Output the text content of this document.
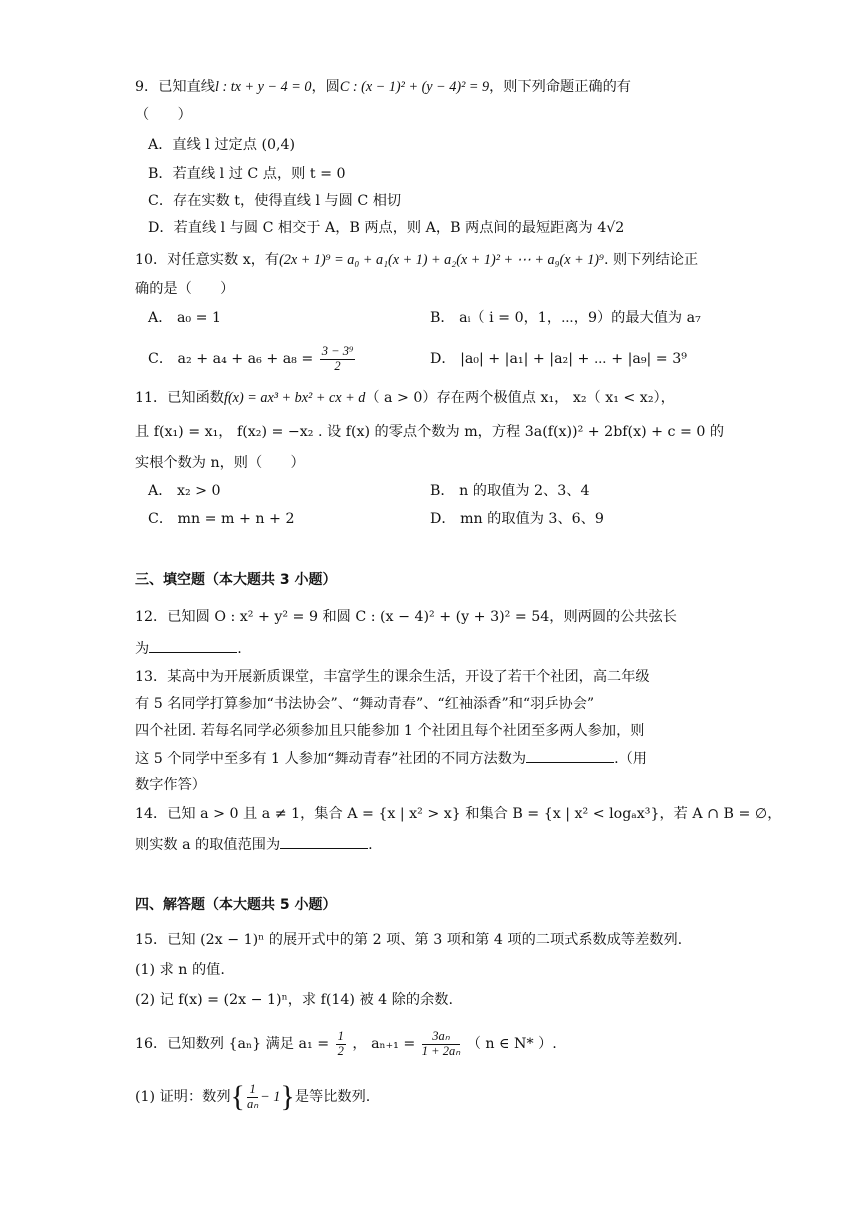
9．已知直线l : tx + y − 4 = 0，圆C : (x − 1)² + (y − 4)² = 9，则下列命题正确的有
（　　）
A．直线 l 过定点 (0,4)
B．若直线 l 过 C 点，则 t = 0
C．存在实数 t，使得直线 l 与圆 C 相切
D．若直线 l 与圆 C 相交于 A，B 两点，则 A，B 两点间的最短距离为 4√2
10．对任意实数 x，有(2x + 1)⁹ = a₀ + a₁(x + 1) + a₂(x + 1)² + ⋯ + a₉(x + 1)⁹. 则下列结论正
确的是（　　）
A． a₀ = 1	B． aᵢ（ i = 0，1，⋯，9）的最大值为 a₇
C． $a_2 + a_4 + a_6 + a_8 = \frac{\text{3 − 3⁹}}{2}$	D． |a₀| + |a₁| + |a₂| + ⋯ + |a₉| = 3⁹
11．已知函数f(x) = ax³ + bx² + cx + d（ a > 0）存在两个极值点 x₁， x₂（ x₁ < x₂），
且 f(x₁) = x₁， f(x₂) = −x₂ . 设 f(x) 的零点个数为 m，方程 3a(f(x))² + 2bf(x) + c = 0 的
实根个数为 n，则（　　）
A． x₂ > 0	B． n 的取值为 2、3、4
C． mn = m + n + 2	D． mn 的取值为 3、6、9
三、填空题（本大题共 3 小题）
12．已知圆 O : x² + y² = 9 和圆 C : (x − 4)² + (y + 3)² = 54，则两圆的公共弦长
为	.
13．某高中为开展新质课堂，丰富学生的课余生活，开设了若干个社团，高二年级
有 5 名同学打算参加“书法协会”、“舞动青春”、“红袖添香”和“羽乒协会”
四个社团. 若每名同学必须参加且只能参加 1 个社团且每个社团至多两人参加，则
这 5 个同学中至多有 1 人参加“舞动青春”社团的不同方法数为	.（用
数字作答）
14．已知 a > 0 且 a ≠ 1，集合 A = {x | x² > x} 和集合 B = {x | x² < logₐx³}，若 A ∩ B = ∅，
则实数 a 的取值范围为	.
四、解答题（本大题共 5 小题）
15．已知 (2x − 1)ⁿ 的展开式中的第 2 项、第 3 项和第 4 项的二项式系数成等差数列.
(1) 求 n 的值.
(2) 记 f(x) = (2x − 1)ⁿ，求 f(14) 被 4 除的余数.
16．已知数列 {aₙ} 满足 $a_1 = \frac{1}{2}$ ， $a_{n+1} = \frac{\text{3aₙ}}{\text{1 + 2aₙ}}$ （ n ∈ N* ）.
(1) 证明：数列{ $\frac{1}{\text{aₙ}} - 1$}是等比数列.
